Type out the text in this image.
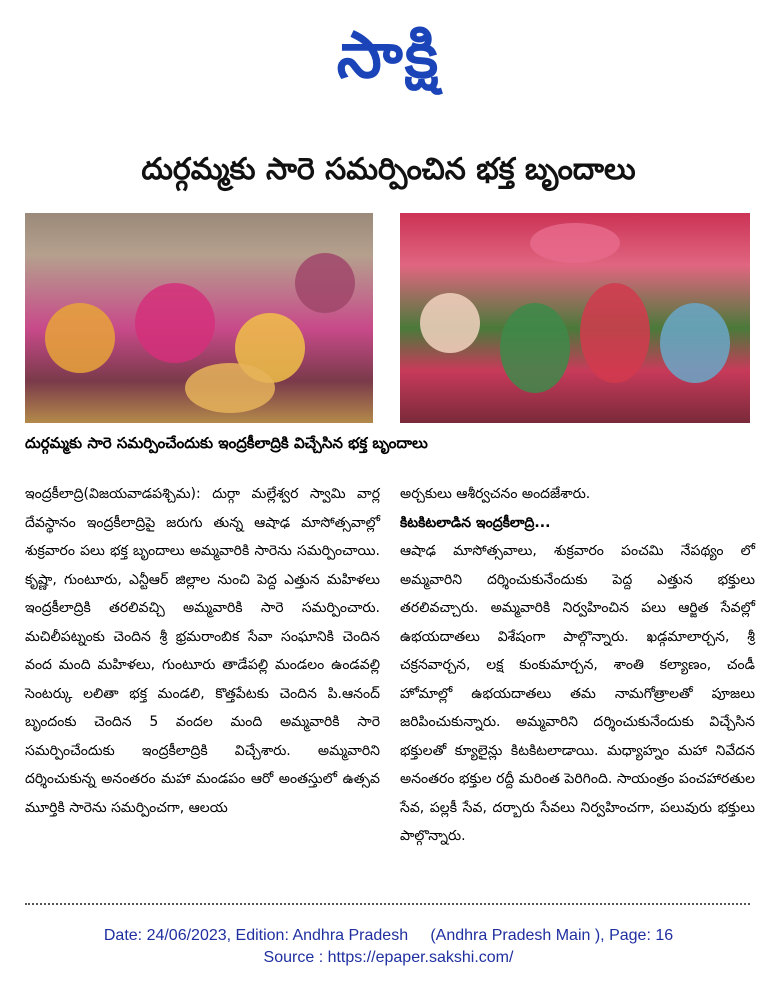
సాక్షి
దుర్గమ్మకు సారె సమర్పించిన భక్త బృందాలు
దుర్గమ్మకు సారె సమర్పించేందుకు ఇంద్రకీలాద్రికి విచ్చేసిన భక్త బృందాలు

ఇంద్రకీలాద్రి(విజయవాడపశ్చిమ): దుర్గా మల్లేశ్వర స్వామి వార్ల దేవస్థానం ఇంద్రకీలాద్రిపై జరుగు తున్న ఆషాఢ మాసోత్సవాల్లో శుక్రవారం పలు భక్త బృందాలు అమ్మవారికి సారెను సమర్పించాయి. కృష్ణా, గుంటూరు, ఎన్టీఆర్ జిల్లాల నుంచి పెద్ద ఎత్తున మహిళలు ఇంద్రకీలాద్రికి తరలివచ్చి అమ్మవారికి సారె సమర్పించారు. మచిలీపట్నంకు చెందిన శ్రీ భ్రమరాంబిక సేవా సంఘానికి చెందిన వంద మంది మహిళలు, గుంటూరు తాడేపల్లి మండలం ఉండవల్లి సెంటర్కు లలితా భక్త మండలి, కొత్తపేటకు చెందిన పి.ఆనంద్ బృందంకు చెందిన 5 వందల మంది అమ్మవారికి సారె సమర్పించేందుకు ఇంద్రకీలాద్రికి విచ్చేశారు. అమ్మవారిని దర్శించుకున్న అనంతరం మహా మండపం ఆరో అంతస్తులో ఉత్సవ మూర్తికి సారెను సమర్పించగా, ఆలయ

అర్చకులు ఆశీర్వచనం అందజేశారు.

కిటకిటలాడిన ఇంద్రకీలాద్రి...

ఆషాఢ మాసోత్సవాలు, శుక్రవారం పంచమి నేపథ్యం లో అమ్మవారిని దర్శించుకునేందుకు పెద్ద ఎత్తున భక్తులు తరలివచ్చారు. అమ్మవారికి నిర్వహించిన పలు ఆర్జిత సేవల్లో ఉభయదాతలు విశేషంగా పాల్గొన్నారు. ఖడ్గమాలార్చన, శ్రీ చక్రనవార్చన, లక్ష కుంకుమార్చన, శాంతి కల్యాణం, చండీ హోమాల్లో ఉభయదాతలు తమ నామగోత్రాలతో పూజలు జరిపించుకున్నారు. అమ్మవారిని దర్శించుకునేందుకు విచ్చేసిన భక్తులతో క్యూలైన్లు కిటకిటలాడాయి. మధ్యాహ్నం మహా నివేదన అనంతరం భక్తుల రద్దీ మరింత పెరిగింది. సాయంత్రం పంచహారతుల సేవ, పల్లకీ సేవ, దర్బారు సేవలు నిర్వహించగా, పలువురు భక్తులు పాల్గొన్నారు.

Date: 24/06/2023, Edition: Andhra Pradesh     (Andhra Pradesh Main ), Page: 16
Source : https://epaper.sakshi.com/
